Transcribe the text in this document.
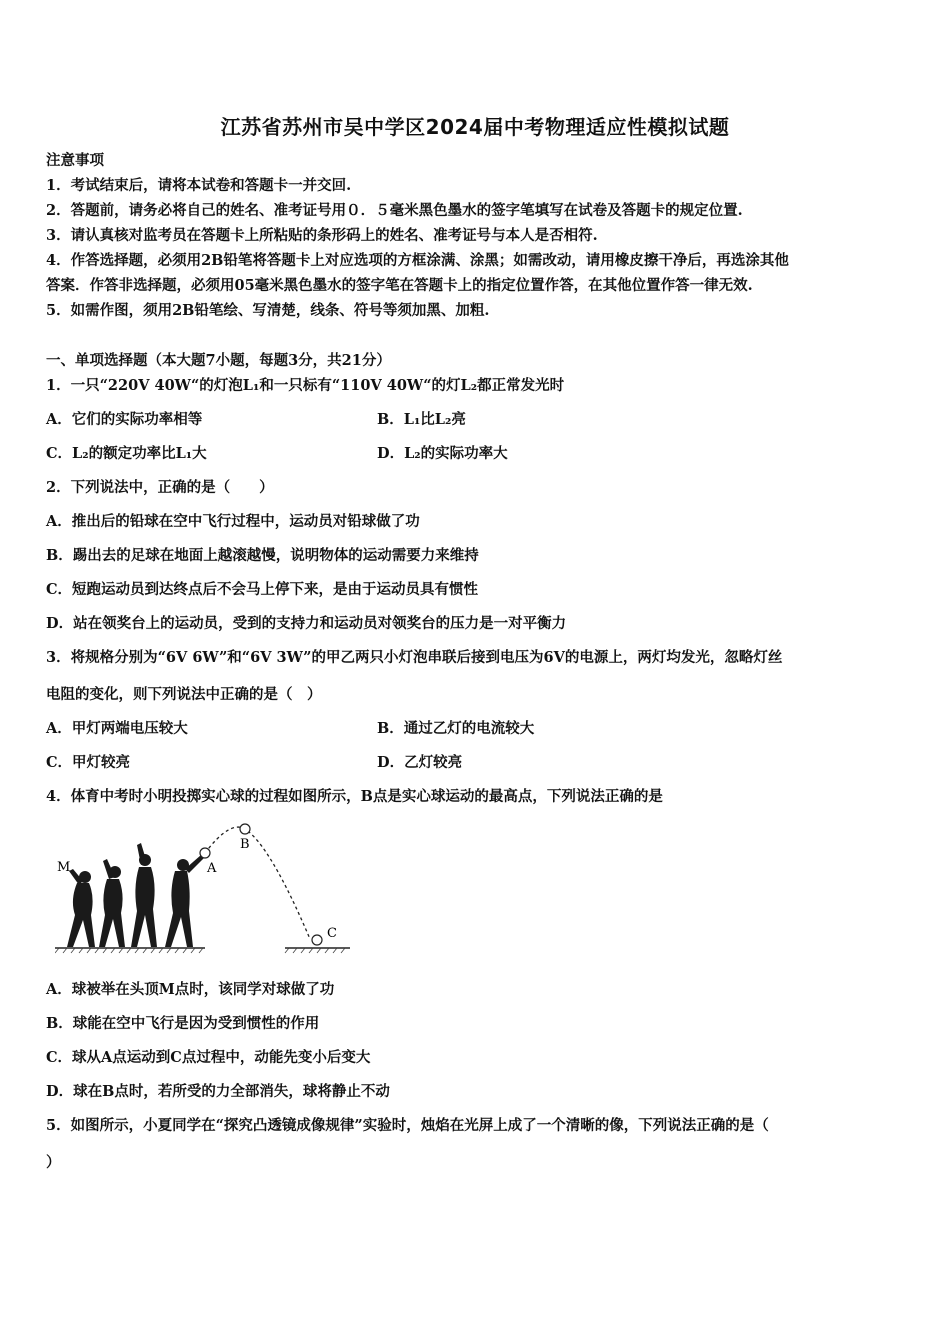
江苏省苏州市吴中学区2024届中考物理适应性模拟试题
注意事项
1．考试结束后，请将本试卷和答题卡一并交回.
2．答题前，请务必将自己的姓名、准考证号用０．５毫米黑色墨水的签字笔填写在试卷及答题卡的规定位置.
3．请认真核对监考员在答题卡上所粘贴的条形码上的姓名、准考证号与本人是否相符.
4．作答选择题，必须用2B铅笔将答题卡上对应选项的方框涂满、涂黑；如需改动，请用橡皮擦干净后，再选涂其他
答案．作答非选择题，必须用05毫米黑色墨水的签字笔在答题卡上的指定位置作答，在其他位置作答一律无效.
5．如需作图，须用2B铅笔绘、写清楚，线条、符号等须加黑、加粗.
一、单项选择题（本大题7小题，每题3分，共21分）
1．一只“220V 40W“的灯泡L₁和一只标有“110V 40W“的灯L₂都正常发光时
A．它们的实际功率相等	B．L₁比L₂亮
C．L₂的额定功率比L₁大	D．L₂的实际功率大
2．下列说法中，正确的是（　　）
A．推出后的铅球在空中飞行过程中，运动员对铅球做了功
B．踢出去的足球在地面上越滚越慢，说明物体的运动需要力来维持
C．短跑运动员到达终点后不会马上停下来，是由于运动员具有惯性
D．站在领奖台上的运动员，受到的支持力和运动员对领奖台的压力是一对平衡力
3．将规格分别为“6V 6W”和“6V 3W”的甲乙两只小灯泡串联后接到电压为6V的电源上，两灯均发光，忽略灯丝
电阻的变化，则下列说法中正确的是（　）
A．甲灯两端电压较大	B．通过乙灯的电流较大
C．甲灯较亮	D．乙灯较亮
4．体育中考时小明投掷实心球的过程如图所示，B点是实心球运动的最高点，下列说法正确的是
M	A
B
C
A．球被举在头顶M点时，该同学对球做了功
B．球能在空中飞行是因为受到惯性的作用
C．球从A点运动到C点过程中，动能先变小后变大
D．球在B点时，若所受的力全部消失，球将静止不动
5．如图所示，小夏同学在“探究凸透镜成像规律”实验时，烛焰在光屏上成了一个清晰的像，下列说法正确的是（
）
